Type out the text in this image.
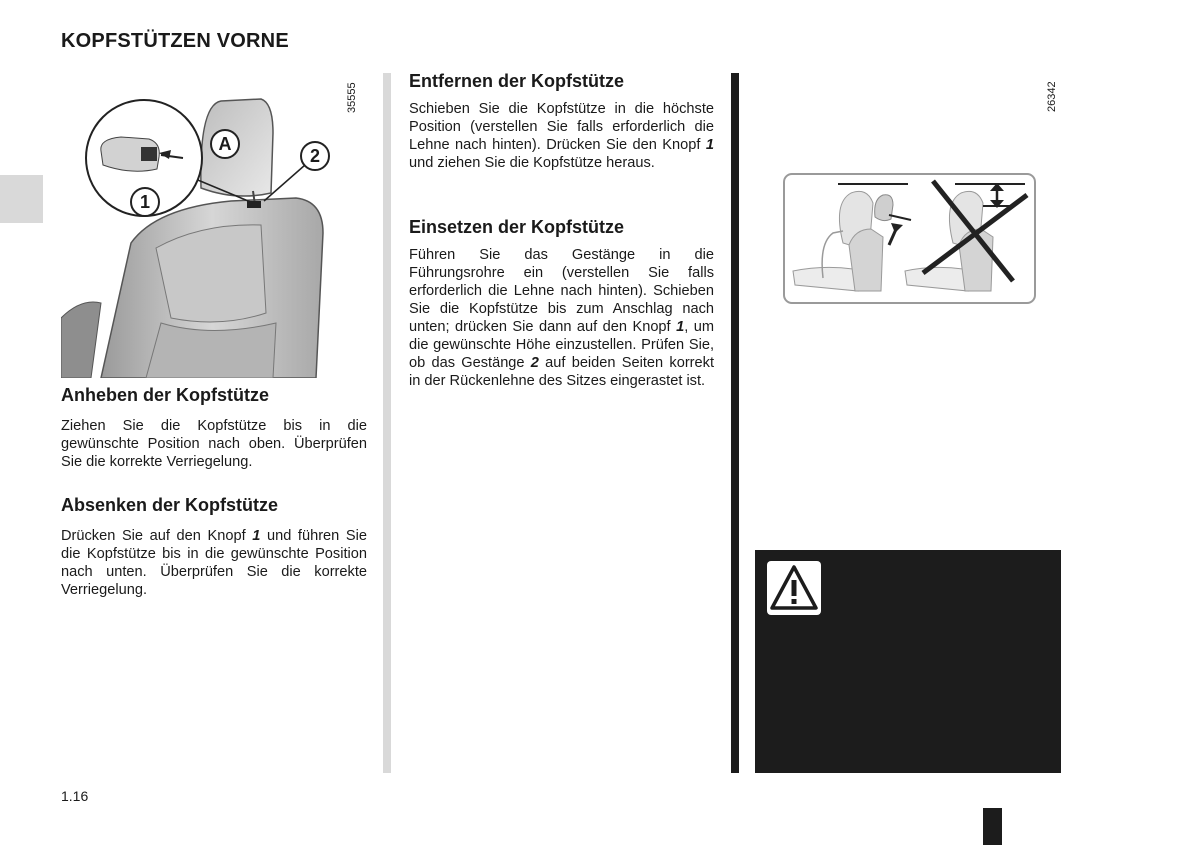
KOPFSTÜTZEN VORNE
1
A
2
35555
Anheben der Kopfstütze

Ziehen Sie die Kopfstütze bis in die gewünschte Position nach oben. Überprüfen Sie die korrekte Verriegelung.

Absenken der Kopfstütze

Drücken Sie auf den Knopf 1 und führen Sie die Kopfstütze bis in die gewünschte Position nach unten. Überprüfen Sie die korrekte Verriegelung.

Entfernen der Kopfstütze

Schieben Sie die Kopfstütze in die höchste Position (verstellen Sie falls erforderlich die Lehne nach hinten). Drücken Sie den Knopf 1 und ziehen Sie die Kopfstütze heraus.

Einsetzen der Kopfstütze

Führen Sie das Gestänge in die Führungsrohre ein (verstellen Sie falls erforderlich die Lehne nach hinten). Schieben Sie die Kopfstütze bis zum Anschlag nach unten; drücken Sie dann auf den Knopf 1, um die gewünschte Höhe einzustellen. Prüfen Sie, ob das Gestänge 2 auf beiden Seiten korrekt in der Rückenlehne des Sitzes eingerastet ist.

26342
1.16
